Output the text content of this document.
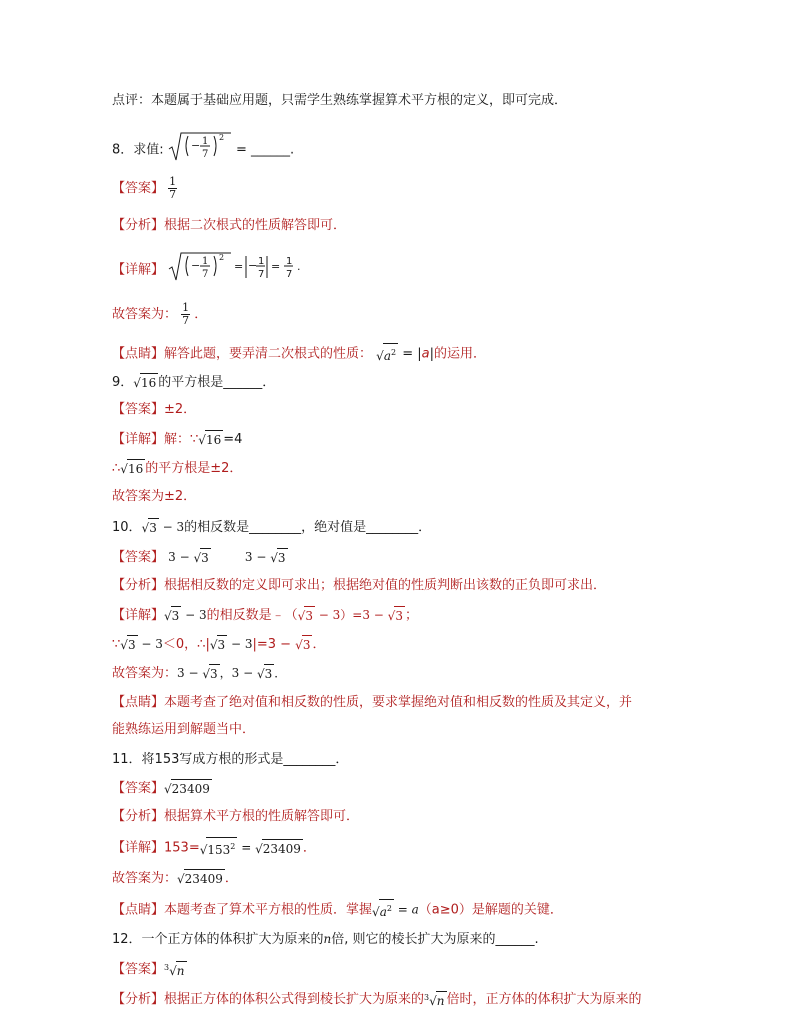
点评：本题属于基础应用题，只需学生熟练掌握算术平方根的定义，即可完成．
8．求值: − 1
7
2
= ______.
【答案】 $\frac{1}{7}$
【分析】根据二次根式的性质解答即可．
【详解】 − 1
7
2
= − 1
7
= 1
7
.
故答案为： $\frac{1}{7}$ ．
【点睛】解答此题，要弄清二次根式的性质： $√a^2 = |a|$的运用．
9．√16 的平方根是______．
【答案】±2．
【详解】解：∵√16 =4
∴√16 的平方根是±2．
故答案为±2．
10．√3 − 3的相反数是________，绝对值是________．
【答案】 3 − √3	3 − √3
【分析】根据相反数的定义即可求出；根据绝对值的性质判断出该数的正负即可求出．
【详解】√3 − 3的相反数是﹣（√3 − 3）=3 − √3 ；
∵√3 − 3＜0，∴|√3 − 3|=3 − √3 ．
故答案为：3 − √3 ，3 − √3 ．
【点睛】本题考查了绝对值和相反数的性质，要求掌握绝对值和相反数的性质及其定义，并
能熟练运用到解题当中．
11．将153写成方根的形式是________．
【答案】√23409
【分析】根据算术平方根的性质解答即可．
【详解】$153=√153^2 = √23409$ ．
故答案为：√23409 ．
【点睛】本题考查了算术平方根的性质．掌握$√a^2 = a(a\ge 0)$是解题的关键．
12．一个正方体的体积扩大为原来的n倍, 则它的棱长扩大为原来的______.
【答案】$^3$√n
【分析】根据正方体的体积公式得到棱长扩大为原来的$^3$√n 倍时，正方体的体积扩大为原来的
